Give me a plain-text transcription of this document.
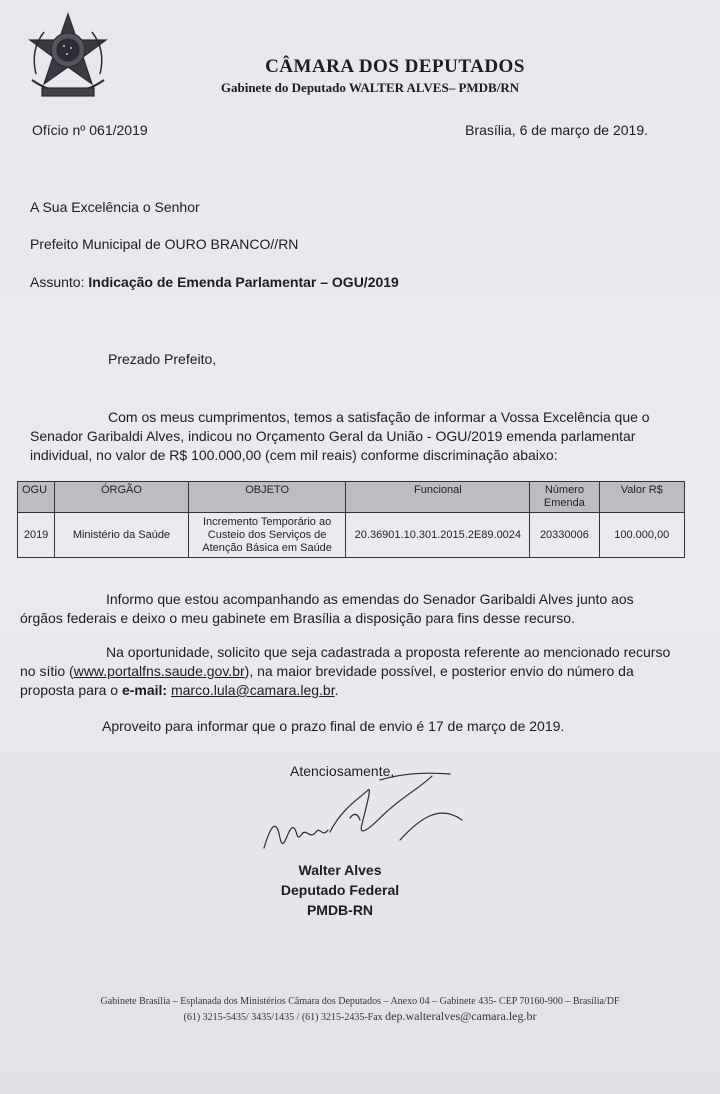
CÂMARA DOS DEPUTADOS
Gabinete do Deputado WALTER ALVES– PMDB/RN
Ofício nº 061/2019	Brasília, 6 de março de 2019.
A Sua Excelência o Senhor
Prefeito Municipal de OURO BRANCO//RN
Assunto: Indicação de Emenda Parlamentar – OGU/2019
Prezado Prefeito,
Com os meus cumprimentos, temos a satisfação de informar a Vossa Excelência que o
Senador Garibaldi Alves, indicou no Orçamento Geral da União - OGU/2019 emenda parlamentar
individual, no valor de R$ 100.000,00 (cem mil reais) conforme discriminação abaixo:
OGU	ÓRGÃO	OBJETO	Funcional	Número Emenda	Valor R$
2019	Ministério da Saúde	Incremento Temporário ao Custeio dos Serviços de Atenção Básica em Saúde	20.36901.10.301.2015.2E89.0024	20330006	100.000,00
Informo que estou acompanhando as emendas do Senador Garibaldi Alves junto aos
órgãos federais e deixo o meu gabinete em Brasília a disposição para fins desse recurso.
Na oportunidade, solicito que seja cadastrada a proposta referente ao mencionado recurso
no sítio (www.portalfns.saude.gov.br), na maior brevidade possível, e posterior envio do número da
proposta para o e-mail: marco.lula@camara.leg.br.
Aproveito para informar que o prazo final de envio é 17 de março de 2019.
Atenciosamente,
Walter Alves
Deputado Federal
PMDB-RN
Gabinete Brasília – Esplanada dos Ministérios Câmara dos Deputados – Anexo 04 – Gabinete 435- CEP 70160-900 – Brasília/DF
(61) 3215-5435/ 3435/1435 / (61) 3215-2435-Fax dep.walteralves@camara.leg.br
